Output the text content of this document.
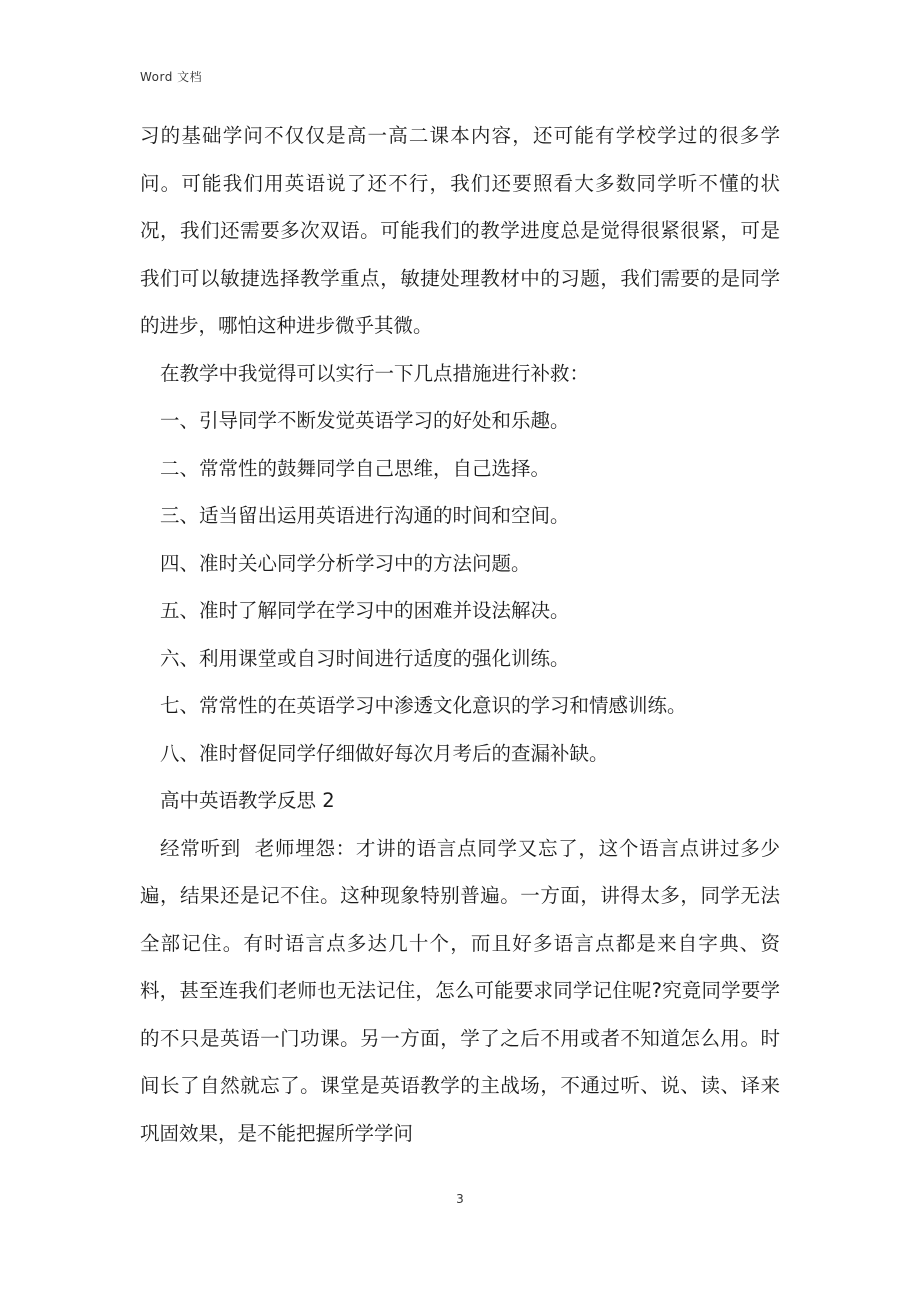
Word 文档

习的基础学问不仅仅是高一高二课本内容，还可能有学校学过的很多学问。可能我们用英语说了还不行，我们还要照看大多数同学听不懂的状况，我们还需要多次双语。可能我们的教学进度总是觉得很紧很紧，可是我们可以敏捷选择教学重点，敏捷处理教材中的习题，我们需要的是同学的进步，哪怕这种进步微乎其微。

在教学中我觉得可以实行一下几点措施进行补救：

一、引导同学不断发觉英语学习的好处和乐趣。

二、常常性的鼓舞同学自己思维，自己选择。

三、适当留出运用英语进行沟通的时间和空间。

四、准时关心同学分析学习中的方法问题。

五、准时了解同学在学习中的困难并设法解决。

六、利用课堂或自习时间进行适度的强化训练。

七、常常性的在英语学习中渗透文化意识的学习和情感训练。

八、准时督促同学仔细做好每次月考后的查漏补缺。

高中英语教学反思 2

经常听到  老师埋怨：才讲的语言点同学又忘了，这个语言点讲过多少遍，结果还是记不住。这种现象特别普遍。一方面，讲得太多，同学无法全部记住。有时语言点多达几十个，而且好多语言点都是来自字典、资料，甚至连我们老师也无法记住，怎么可能要求同学记住呢?究竟同学要学的不只是英语一门功课。另一方面，学了之后不用或者不知道怎么用。时间长了自然就忘了。课堂是英语教学的主战场，不通过听、说、读、译来巩固效果，是不能把握所学学问

3
